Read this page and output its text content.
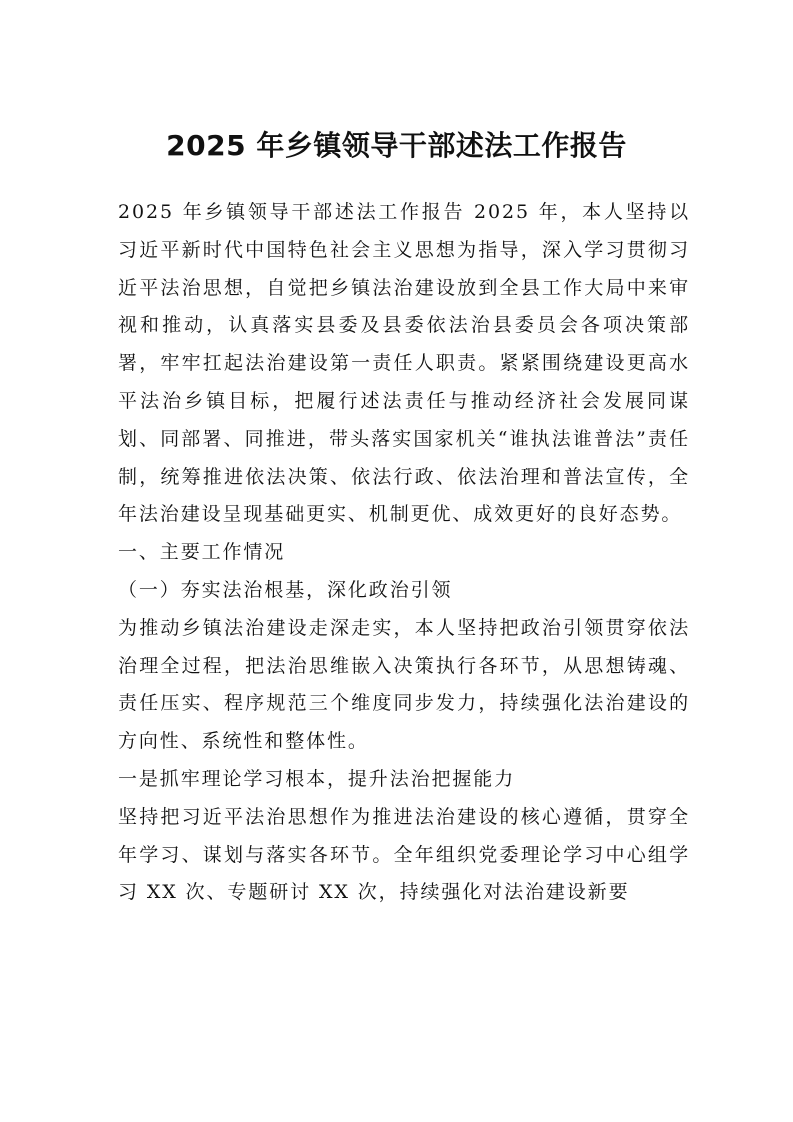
2025 年乡镇领导干部述法工作报告

2025 年乡镇领导干部述法工作报告 2025 年，本人坚持以习近平新时代中国特色社会主义思想为指导，深入学习贯彻习近平法治思想，自觉把乡镇法治建设放到全县工作大局中来审视和推动，认真落实县委及县委依法治县委员会各项决策部署，牢牢扛起法治建设第一责任人职责。紧紧围绕建设更高水平法治乡镇目标，把履行述法责任与推动经济社会发展同谋划、同部署、同推进，带头落实国家机关“谁执法谁普法”责任制，统筹推进依法决策、依法行政、依法治理和普法宣传，全年法治建设呈现基础更实、机制更优、成效更好的良好态势。

一、主要工作情况

（一）夯实法治根基，深化政治引领

为推动乡镇法治建设走深走实，本人坚持把政治引领贯穿依法治理全过程，把法治思维嵌入决策执行各环节，从思想铸魂、责任压实、程序规范三个维度同步发力，持续强化法治建设的方向性、系统性和整体性。

一是抓牢理论学习根本，提升法治把握能力

坚持把习近平法治思想作为推进法治建设的核心遵循，贯穿全年学习、谋划与落实各环节。全年组织党委理论学习中心组学习 XX 次、专题研讨 XX 次，持续强化对法治建设新要
